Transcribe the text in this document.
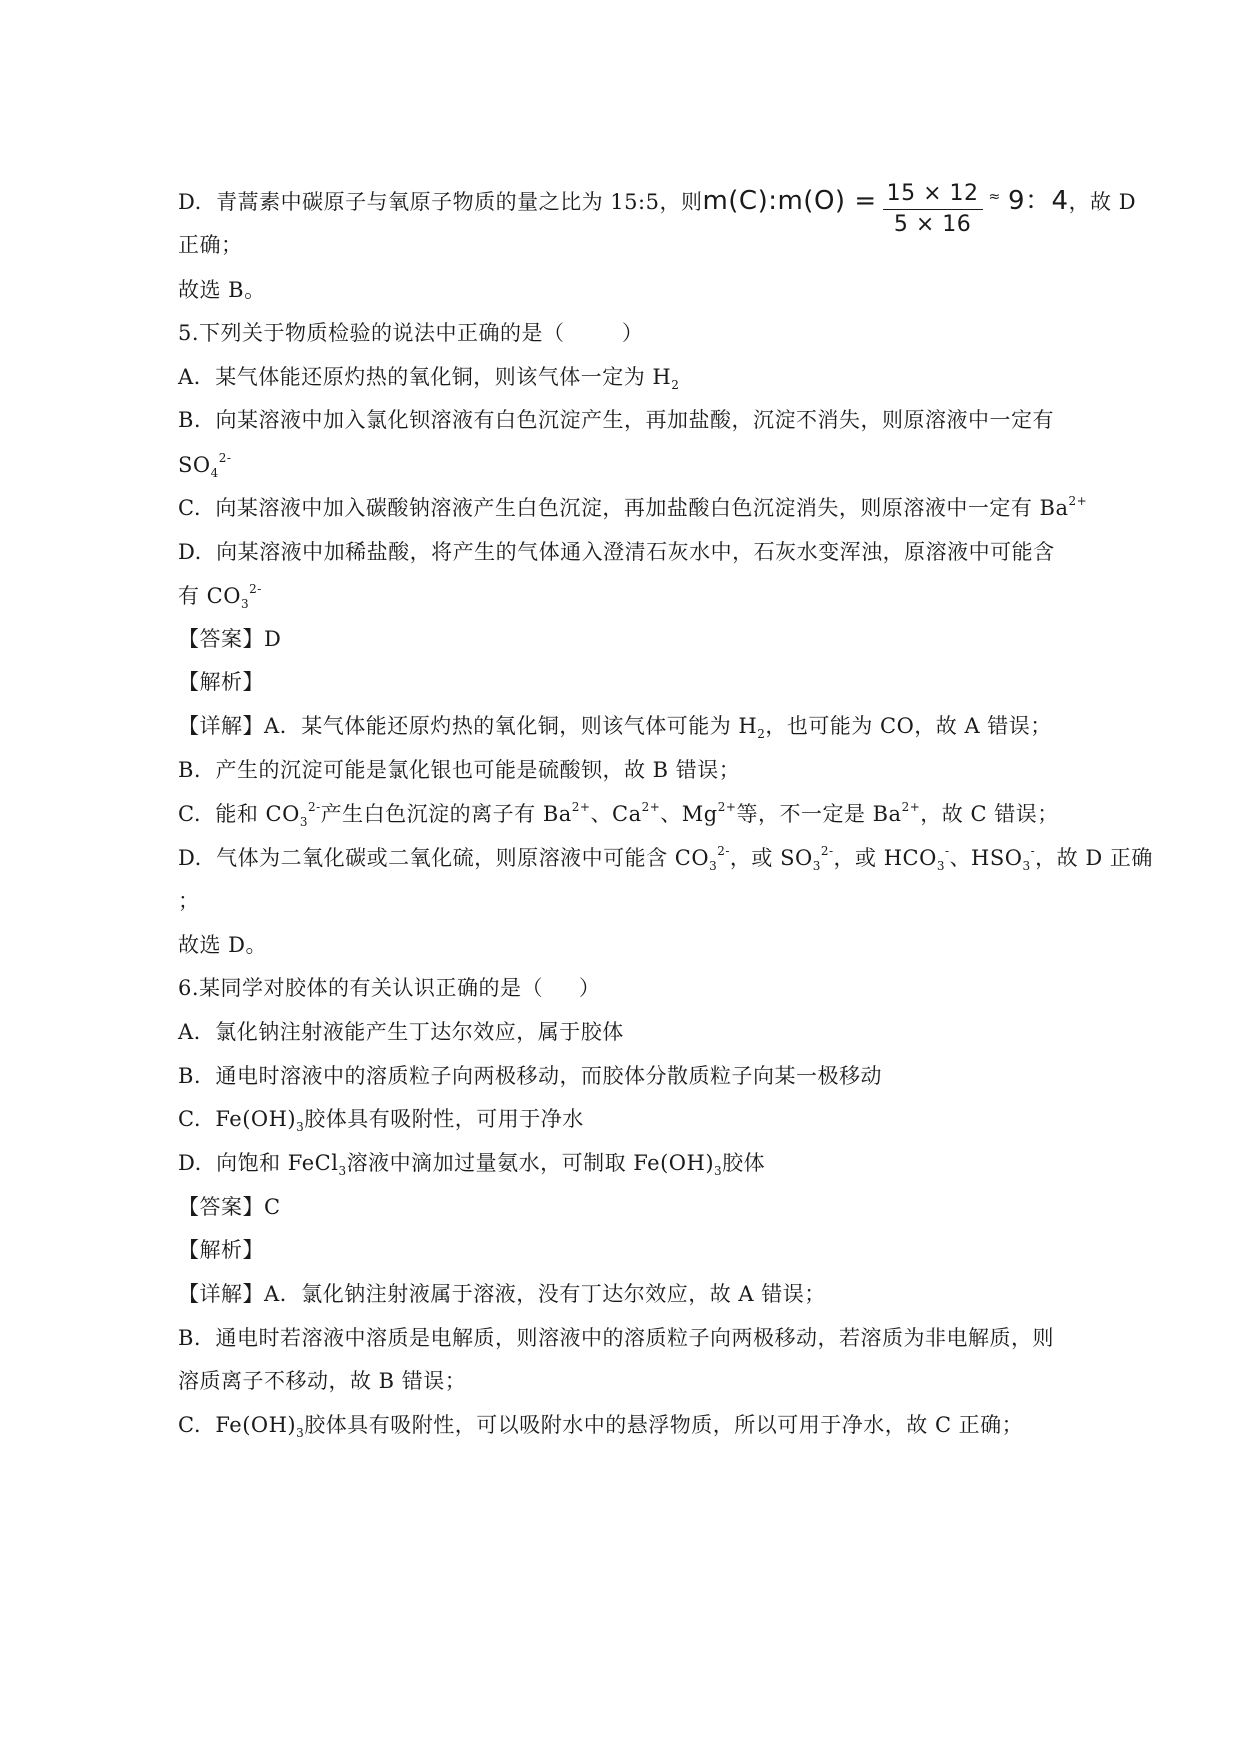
D.  青蒿素中碳原子与氧原子物质的量之比为 15:5，则m(C):m(O) = $\frac{15 \times 12}{5 \times 16} ^\approx$ 9：4，故 D
正确；
故选 B。
5.下列关于物质检验的说法中正确的是（        ）
A.  某气体能还原灼热的氧化铜，则该气体一定为 $H_2$
B.  向某溶液中加入氯化钡溶液有白色沉淀产生，再加盐酸，沉淀不消失，则原溶液中一定有
$SO_4^{2-}$
C.  向某溶液中加入碳酸钠溶液产生白色沉淀，再加盐酸白色沉淀消失，则原溶液中一定有 $Ba^{2+}$
D.  向某溶液中加稀盐酸，将产生的气体通入澄清石灰水中，石灰水变浑浊，原溶液中可能含
有 $CO_3^{2-}$
【答案】D
【解析】
【详解】A.  某气体能还原灼热的氧化铜，则该气体可能为 $H_2$，也可能为 CO，故 A 错误；
B.  产生的沉淀可能是氯化银也可能是硫酸钡，故 B 错误；
C.  能和 $CO_3^{2-}$产生白色沉淀的离子有 $Ba^{2+}$、$Ca^{2+}$、$Mg^{2+}$等，不一定是 $Ba^{2+}$，故 C 错误；
D.  气体为二氧化碳或二氧化硫，则原溶液中可能含 $CO_3^{2-}$，或 $SO_3^{2-}$，或 $HCO_3^-$、$HSO_3^-$，故 D 正确
；
故选 D。
6.某同学对胶体的有关认识正确的是（     ）
A.  氯化钠注射液能产生丁达尔效应，属于胶体
B.  通电时溶液中的溶质粒子向两极移动，而胶体分散质粒子向某一极移动
C.  $Fe(OH)_3$胶体具有吸附性，可用于净水
D.  向饱和 FeCl$_3$溶液中滴加过量氨水，可制取 $Fe(OH)_3$胶体
【答案】C
【解析】
【详解】A.  氯化钠注射液属于溶液，没有丁达尔效应，故 A 错误；
B.  通电时若溶液中溶质是电解质，则溶液中的溶质粒子向两极移动，若溶质为非电解质，则
溶质离子不移动，故 B 错误；
C.  $Fe(OH)_3$胶体具有吸附性，可以吸附水中的悬浮物质，所以可用于净水，故 C 正确；
